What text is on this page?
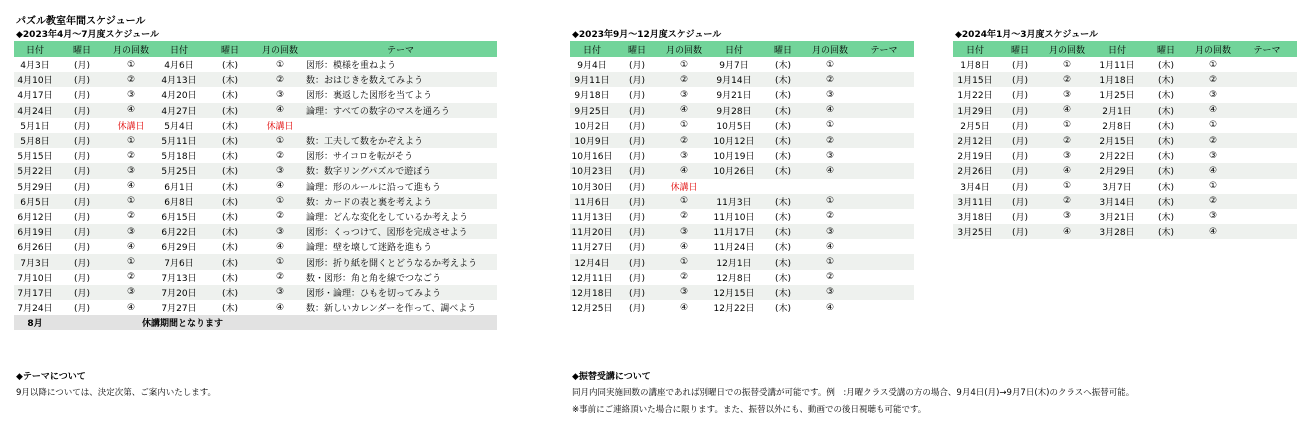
パズル教室年間スケジュール
◆2023年4月～7月度スケジュール
日付	曜日	月の回数	日付	曜日	月の回数	テーマ
4月3日	(月)	①	4月6日	(木)	①	図形：模様を重ねよう
4月10日	(月)	②	4月13日	(木)	②	数：おはじきを数えてみよう
4月17日	(月)	③	4月20日	(木)	③	図形：裏返した図形を当てよう
4月24日	(月)	④	4月27日	(木)	④	論理：すべての数字のマスを通ろう
5月1日	(月)	休講日	5月4日	(木)	休講日	
5月8日	(月)	①	5月11日	(木)	①	数：工夫して数をかぞえよう
5月15日	(月)	②	5月18日	(木)	②	図形：サイコロを転がそう
5月22日	(月)	③	5月25日	(木)	③	数：数字リングパズルで遊ぼう
5月29日	(月)	④	6月1日	(木)	④	論理：形のルールに沿って進もう
6月5日	(月)	①	6月8日	(木)	①	数：カードの表と裏を考えよう
6月12日	(月)	②	6月15日	(木)	②	論理：どんな変化をしているか考えよう
6月19日	(月)	③	6月22日	(木)	③	図形：くっつけて、図形を完成させよう
6月26日	(月)	④	6月29日	(木)	④	論理：壁を壊して迷路を進もう
7月3日	(月)	①	7月6日	(木)	①	図形：折り紙を開くとどうなるか考えよう
7月10日	(月)	②	7月13日	(木)	②	数・図形：角と角を線でつなごう
7月17日	(月)	③	7月20日	(木)	③	図形・論理：ひもを切ってみよう
7月24日	(月)	④	7月27日	(木)	④	数：新しいカレンダーを作って、調べよう
8月	休講期間となります					
◆2023年9月～12月度スケジュール
日付	曜日	月の回数	日付	曜日	月の回数	テーマ
9月4日	(月)	①	9月7日	(木)	①	
9月11日	(月)	②	9月14日	(木)	②	
9月18日	(月)	③	9月21日	(木)	③	
9月25日	(月)	④	9月28日	(木)	④	
10月2日	(月)	①	10月5日	(木)	①	
10月9日	(月)	②	10月12日	(木)	②	
10月16日	(月)	③	10月19日	(木)	③	
10月23日	(月)	④	10月26日	(木)	④	
10月30日	(月)	休講日				
11月6日	(月)	①	11月3日	(木)	①	
11月13日	(月)	②	11月10日	(木)	②	
11月20日	(月)	③	11月17日	(木)	③	
11月27日	(月)	④	11月24日	(木)	④	
12月4日	(月)	①	12月1日	(木)	①	
12月11日	(月)	②	12月8日	(木)	②	
12月18日	(月)	③	12月15日	(木)	③	
12月25日	(月)	④	12月22日	(木)	④	
◆2024年1月～3月度スケジュール
日付	曜日	月の回数	日付	曜日	月の回数	テーマ
1月8日	(月)	①	1月11日	(木)	①	
1月15日	(月)	②	1月18日	(木)	②	
1月22日	(月)	③	1月25日	(木)	③	
1月29日	(月)	④	2月1日	(木)	④	
2月5日	(月)	①	2月8日	(木)	①	
2月12日	(月)	②	2月15日	(木)	②	
2月19日	(月)	③	2月22日	(木)	③	
2月26日	(月)	④	2月29日	(木)	④	
3月4日	(月)	①	3月7日	(木)	①	
3月11日	(月)	②	3月14日	(木)	②	
3月18日	(月)	③	3月21日	(木)	③	
3月25日	(月)	④	3月28日	(木)	④	
◆テーマについて
9月以降については、決定次第、ご案内いたします。
◆振替受講について
同月内同実施回数の講座であれば別曜日での振替受講が可能です。例　:月曜クラス受講の方の場合、9月4日(月)→9月7日(木)のクラスへ振替可能。
※事前にご連絡頂いた場合に限ります。また、振替以外にも、動画での後日視聴も可能です。
